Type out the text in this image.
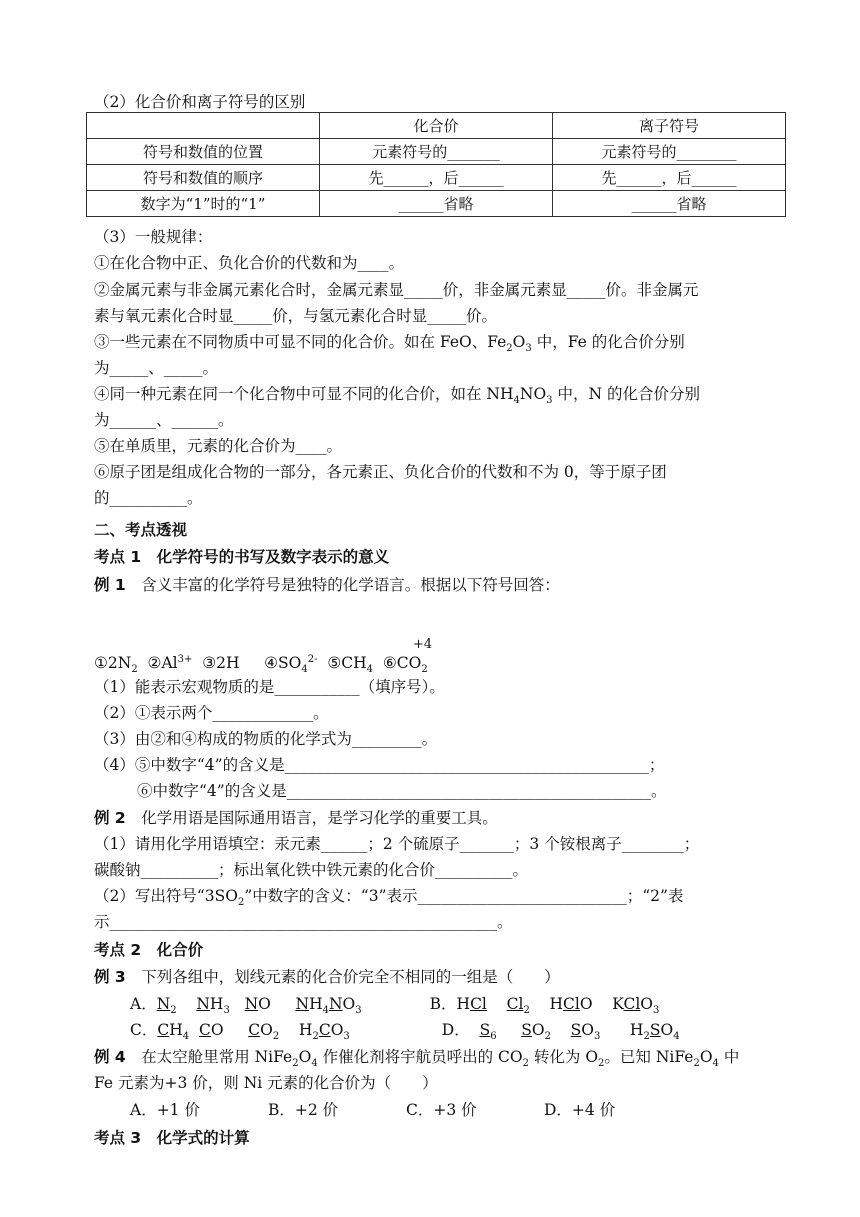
（2）化合价和离子符号的区别
	化合价	离子符号
符号和数值的位置	元素符号的_______	元素符号的________
符号和数值的顺序	先______，后______	先______，后______
数字为“1”时的“1”	______省略	______省略
（3）一般规律：
①在化合物中正、负化合价的代数和为____。
②金属元素与非金属元素化合时，金属元素显_____价，非金属元素显_____价。非金属元
素与氧元素化合时显_____价，与氢元素化合时显_____价。
③一些元素在不同物质中可显不同的化合价。如在 FeO、$Fe_2O_3$ 中，Fe 的化合价分别
为_____、_____。
④同一种元素在同一个化合物中可显不同的化合价，如在 $NH_4NO_3$ 中，N 的化合价分别
为______、______。
⑤在单质里，元素的化合价为____。
⑥原子团是组成化合物的一部分，各元素正、负化合价的代数和不为 0，等于原子团
的__________。
二、考点透视
考点 1　化学符号的书写及数字表示的意义
例 1　含义丰富的化学符号是独特的化学语言。根据以下符号回答：
+4
$①2N_2$  $②Al^{3+}$  ③2H     $④SO_4^{2-}$  $⑤CH_4$  $⑥CO_2$
（1）能表示宏观物质的是___________（填序号）。
（2）①表示两个_____________。
（3）由②和④构成的物质的化学式为_________。
（4）⑤中数字“4”的含义是_______________________________________________；
⑥中数字“4”的含义是_______________________________________________。
例 2　化学用语是国际通用语言，是学习化学的重要工具。
（1）请用化学用语填空：汞元素______；2 个硫原子_______；3 个铵根离子________；
碳酸钠__________；标出氧化铁中铁元素的化合价__________。
（2）写出符号“$3SO_2$”中数字的含义：“3”表示___________________________；“2”表
示__________________________________________________。
考点 2　化合价
例 3　下列各组中，划线元素的化合价完全不相同的一组是（　　）
A．$N_2$ $NH_3$ NO     $NH_4NO_3$	B．HCl $Cl_2$    HClO    KClO$_3$
C．$CH_4$ CO     $CO_2$    $H_2CO_3$	D．  $S_6$ $SO_2$ $SO_3$      $H_2SO_4$
例 4　在太空舱里常用 $NiFe_2O_4$ 作催化剂将宇航员呼出的 $CO_2$ 转化为 $O_2$。已知 $NiFe_2O_4$ 中
Fe 元素为+3 价，则 Ni 元素的化合价为（　　）
A．+1 价	B．+2 价	C．+3 价	D．+4 价
考点 3　化学式的计算
